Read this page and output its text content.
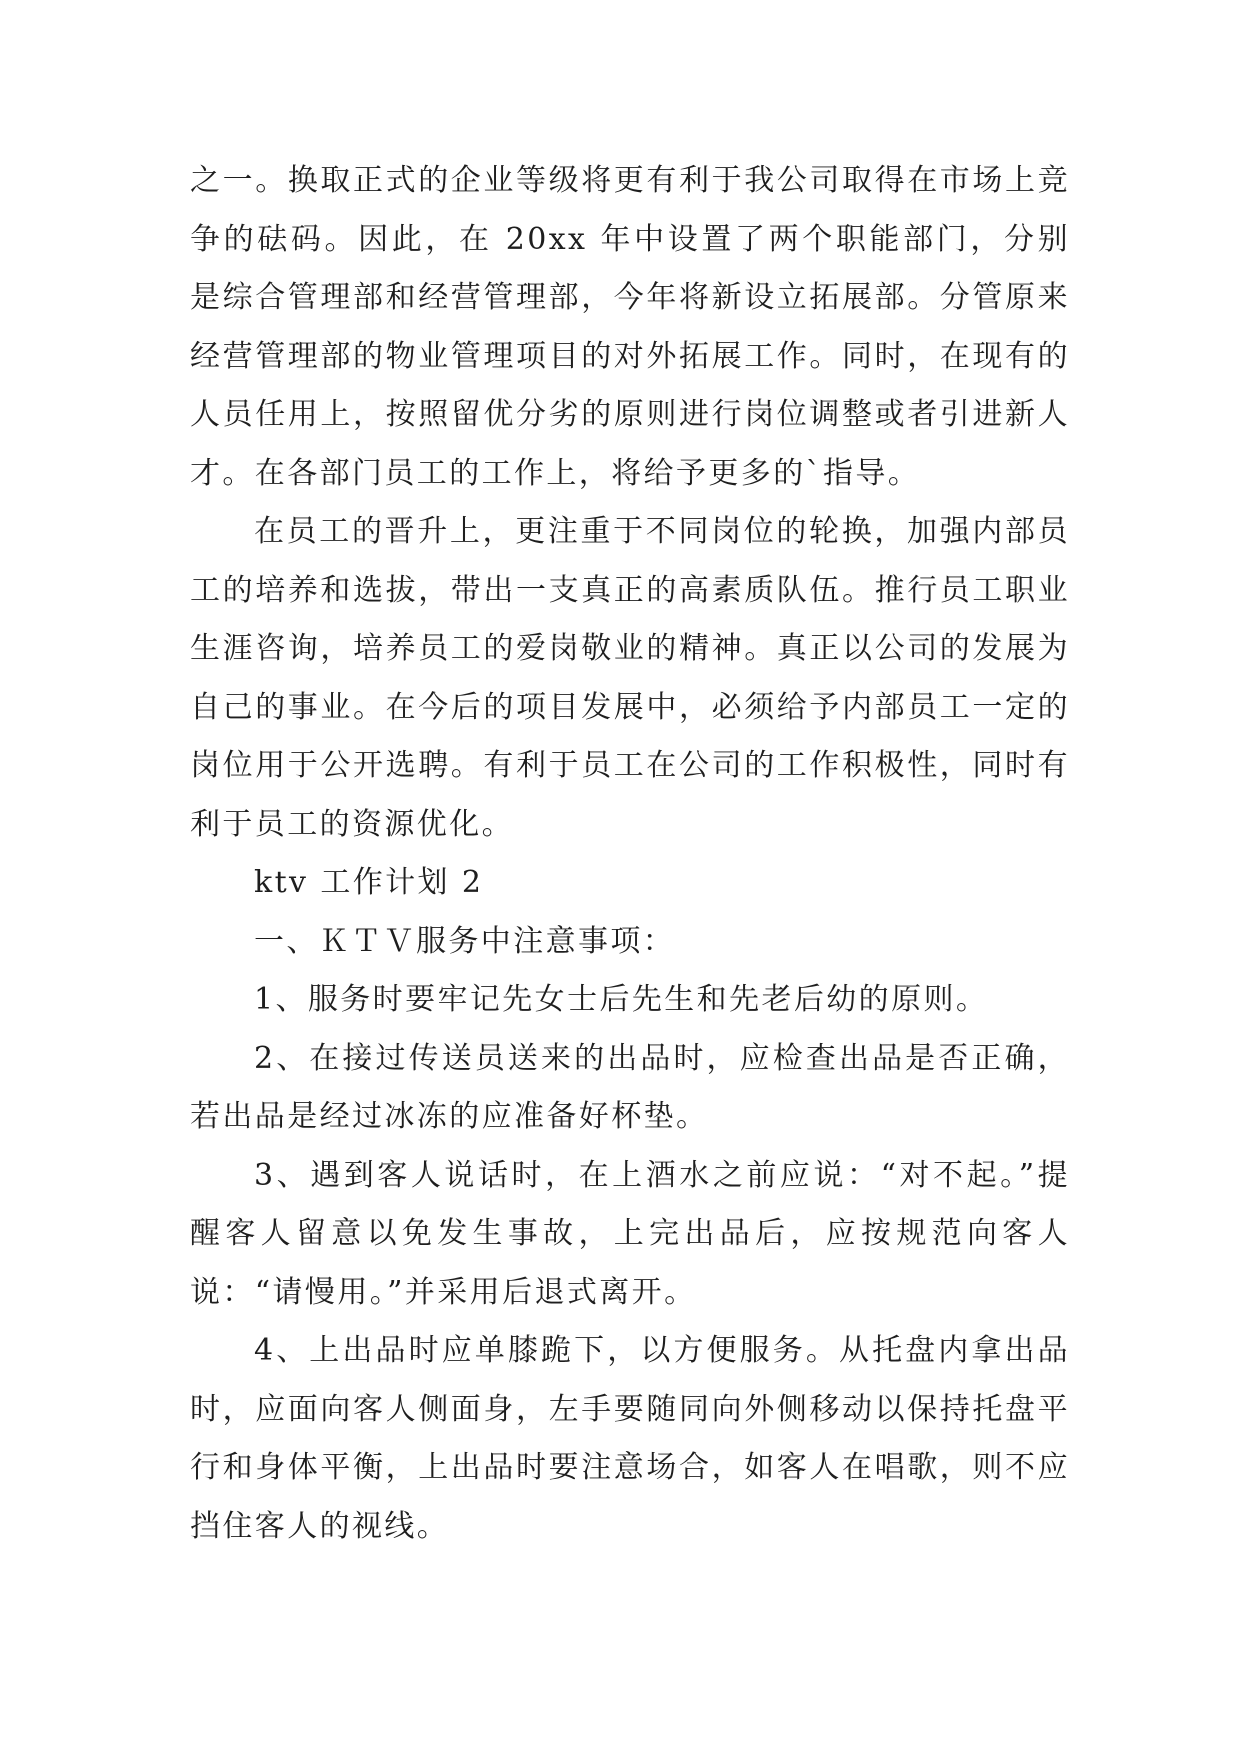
之一。换取正式的企业等级将更有利于我公司取得在市场上竞争的砝码。因此，在 20xx 年中设置了两个职能部门，分别是综合管理部和经营管理部，今年将新设立拓展部。分管原来经营管理部的物业管理项目的对外拓展工作。同时，在现有的人员任用上，按照留优分劣的原则进行岗位调整或者引进新人才。在各部门员工的工作上，将给予更多的`指导。

在员工的晋升上，更注重于不同岗位的轮换，加强内部员工的培养和选拔，带出一支真正的高素质队伍。推行员工职业生涯咨询，培养员工的爱岗敬业的精神。真正以公司的发展为自己的事业。在今后的项目发展中，必须给予内部员工一定的岗位用于公开选聘。有利于员工在公司的工作积极性，同时有利于员工的资源优化。

ktv 工作计划 2

一、ＫＴＶ服务中注意事项：

1、服务时要牢记先女士后先生和先老后幼的原则。

2、在接过传送员送来的出品时，应检查出品是否正确，若出品是经过冰冻的应准备好杯垫。

3、遇到客人说话时，在上酒水之前应说：“对不起。”提醒客人留意以免发生事故，上完出品后，应按规范向客人说：“请慢用。”并采用后退式离开。

4、上出品时应单膝跪下，以方便服务。从托盘内拿出品时，应面向客人侧面身，左手要随同向外侧移动以保持托盘平行和身体平衡，上出品时要注意场合，如客人在唱歌，则不应挡住客人的视线。
